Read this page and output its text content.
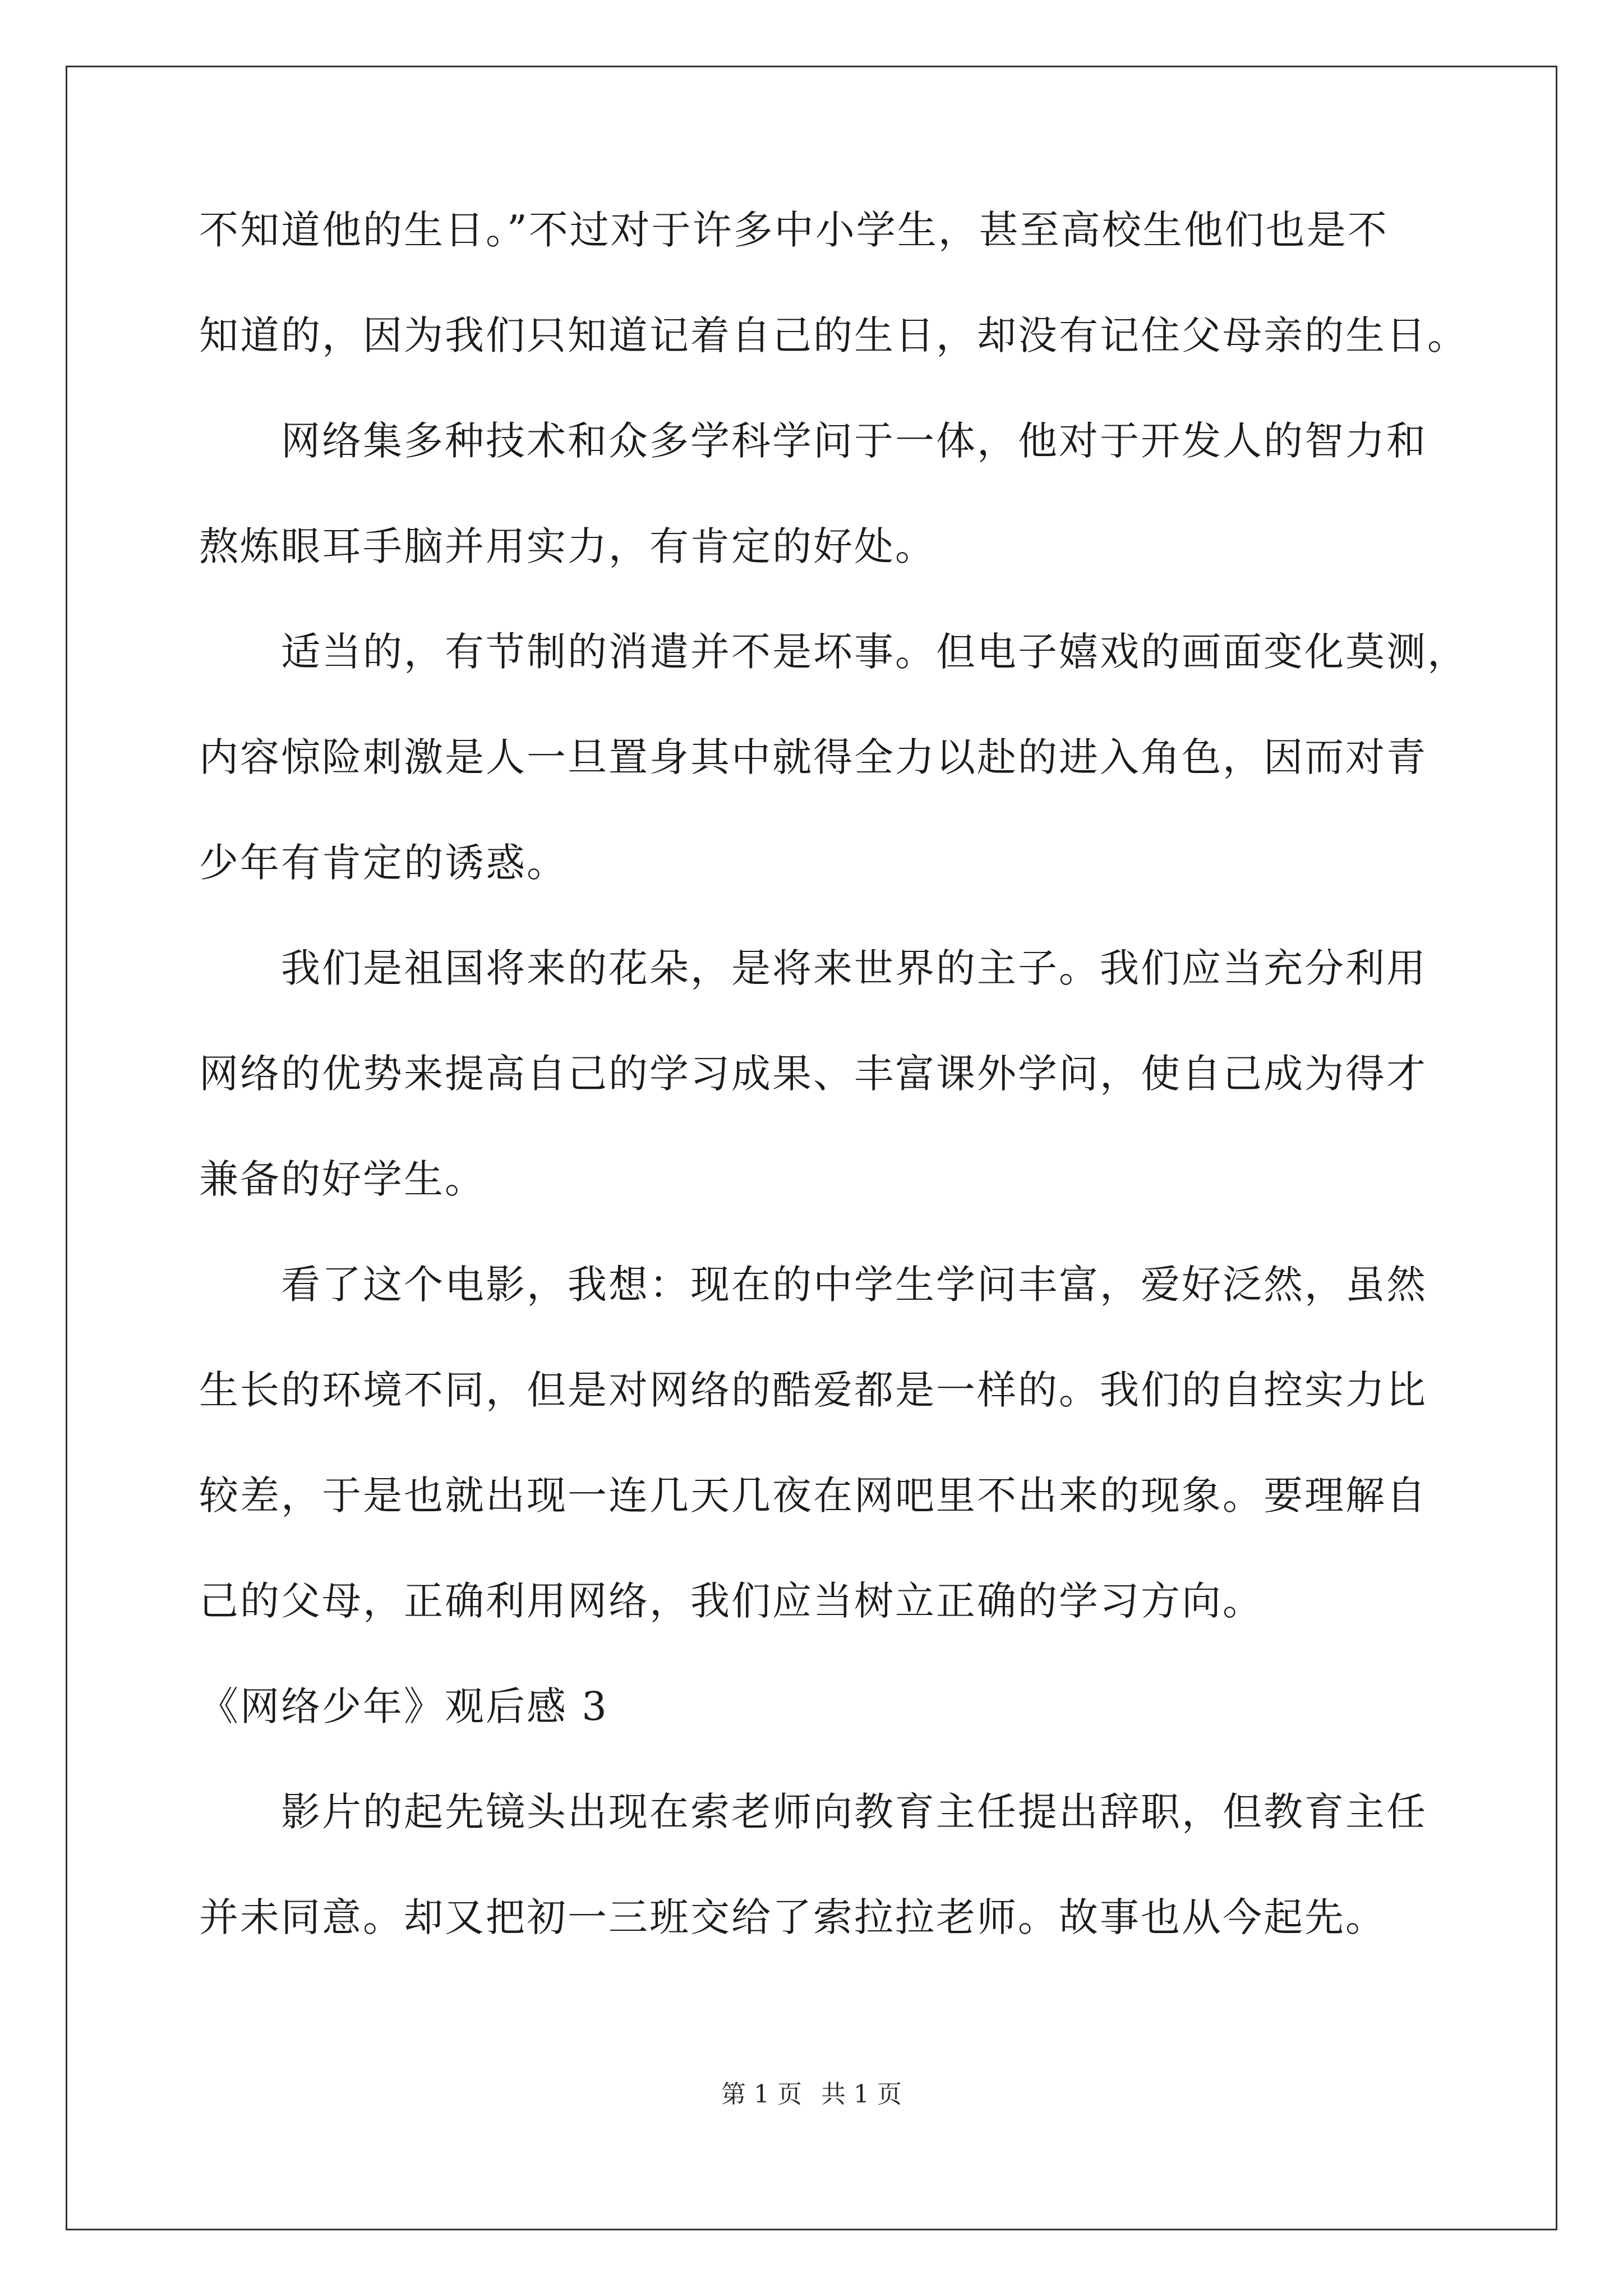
不知道他的生日。”不过对于许多中小学生，甚至高校生他们也是不
知道的，因为我们只知道记着自己的生日，却没有记住父母亲的生日。
网络集多种技术和众多学科学问于一体，他对于开发人的智力和
熬炼眼耳手脑并用实力，有肯定的好处。
适当的，有节制的消遣并不是坏事。但电子嬉戏的画面变化莫测，
内容惊险刺激是人一旦置身其中就得全力以赴的进入角色，因而对青
少年有肯定的诱惑。
我们是祖国将来的花朵，是将来世界的主子。我们应当充分利用
网络的优势来提高自己的学习成果、丰富课外学问，使自己成为得才
兼备的好学生。
看了这个电影，我想：现在的中学生学问丰富，爱好泛然，虽然
生长的环境不同，但是对网络的酷爱都是一样的。我们的自控实力比
较差，于是也就出现一连几天几夜在网吧里不出来的现象。要理解自
己的父母，正确利用网络，我们应当树立正确的学习方向。
《网络少年》观后感 3
影片的起先镜头出现在索老师向教育主任提出辞职，但教育主任
并未同意。却又把初一三班交给了索拉拉老师。故事也从今起先。
第 1 页 共 1 页
